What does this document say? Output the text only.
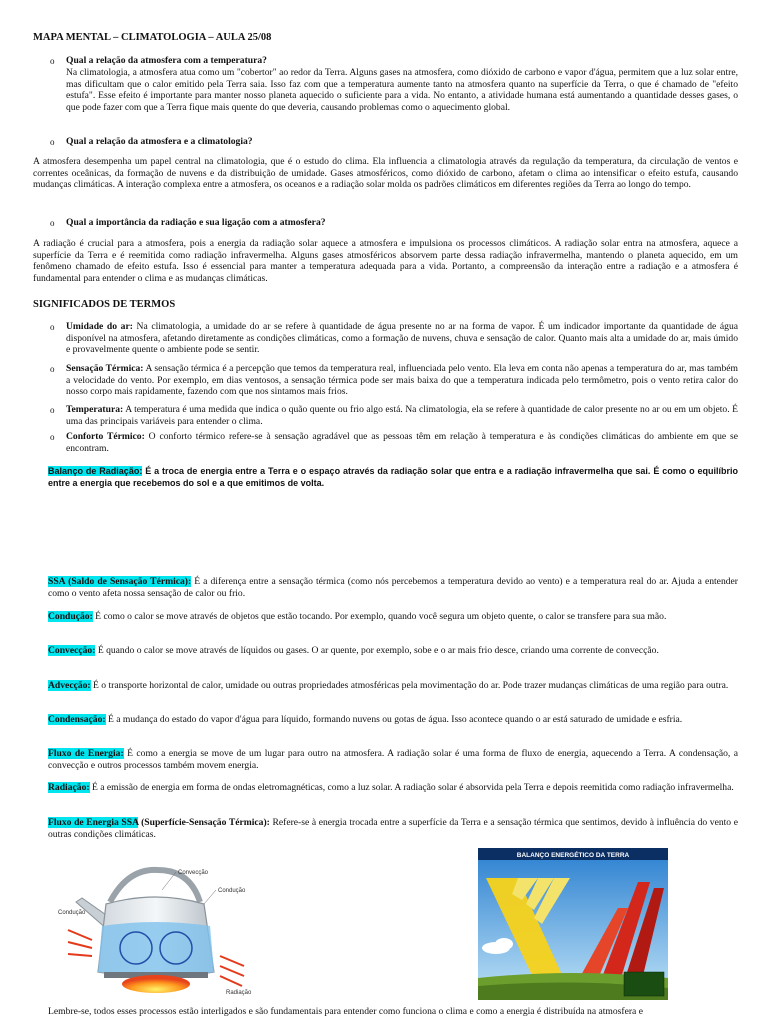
MAPA MENTAL – CLIMATOLOGIA – AULA 25/08
o Qual a relação da atmosfera com a temperatura?
Na climatologia, a atmosfera atua como um "cobertor" ao redor da Terra. Alguns gases na atmosfera, como dióxido de carbono e vapor d'água, permitem que a luz solar entre, mas dificultam que o calor emitido pela Terra saia. Isso faz com que a temperatura aumente tanto na atmosfera quanto na superfície da Terra, o que é chamado de "efeito estufa". Esse efeito é importante para manter nosso planeta aquecido o suficiente para a vida. No entanto, a atividade humana está aumentando a quantidade desses gases, o que pode fazer com que a Terra fique mais quente do que deveria, causando problemas como o aquecimento global.
o Qual a relação da atmosfera e a climatologia?
A atmosfera desempenha um papel central na climatologia, que é o estudo do clima. Ela influencia a climatologia através da regulação da temperatura, da circulação de ventos e correntes oceânicas, da formação de nuvens e da distribuição de umidade. Gases atmosféricos, como dióxido de carbono, afetam o clima ao intensificar o efeito estufa, causando mudanças climáticas. A interação complexa entre a atmosfera, os oceanos e a radiação solar molda os padrões climáticos em diferentes regiões da Terra ao longo do tempo.
o Qual a importância da radiação e sua ligação com a atmosfera?
A radiação é crucial para a atmosfera, pois a energia da radiação solar aquece a atmosfera e impulsiona os processos climáticos. A radiação solar entra na atmosfera, aquece a superfície da Terra e é reemitida como radiação infravermelha. Alguns gases atmosféricos absorvem parte dessa radiação infravermelha, mantendo o planeta aquecido, em um fenômeno chamado de efeito estufa. Isso é essencial para manter a temperatura adequada para a vida. Portanto, a compreensão da interação entre a radiação e a atmosfera é fundamental para entender o clima e as mudanças climáticas.
SIGNIFICADOS DE TERMOS
o Umidade do ar: Na climatologia, a umidade do ar se refere à quantidade de água presente no ar na forma de vapor. É um indicador importante da quantidade de água disponível na atmosfera, afetando diretamente as condições climáticas, como a formação de nuvens, chuva e sensação de calor. Quanto mais alta a umidade do ar, mais úmido e provavelmente quente o ambiente pode se sentir.
o Sensação Térmica: A sensação térmica é a percepção que temos da temperatura real, influenciada pelo vento. Ela leva em conta não apenas a temperatura do ar, mas também a velocidade do vento. Por exemplo, em dias ventosos, a sensação térmica pode ser mais baixa do que a temperatura indicada pelo termômetro, pois o vento retira calor do nosso corpo mais rapidamente, fazendo com que nos sintamos mais frios.
o Temperatura: A temperatura é uma medida que indica o quão quente ou frio algo está. Na climatologia, ela se refere à quantidade de calor presente no ar ou em um objeto. É uma das principais variáveis para entender o clima.
o Conforto Térmico: O conforto térmico refere-se à sensação agradável que as pessoas têm em relação à temperatura e às condições climáticas do ambiente em que se encontram.
Balanço de Radiação: É a troca de energia entre a Terra e o espaço através da radiação solar que entra e a radiação infravermelha que sai. É como o equilíbrio entre a energia que recebemos do sol e a que emitimos de volta.
SSA (Saldo de Sensação Térmica): É a diferença entre a sensação térmica (como nós percebemos a temperatura devido ao vento) e a temperatura real do ar. Ajuda a entender como o vento afeta nossa sensação de calor ou frio.
Condução: É como o calor se move através de objetos que estão tocando. Por exemplo, quando você segura um objeto quente, o calor se transfere para sua mão.
Convecção: É quando o calor se move através de líquidos ou gases. O ar quente, por exemplo, sobe e o ar mais frio desce, criando uma corrente de convecção.
Advecção: É o transporte horizontal de calor, umidade ou outras propriedades atmosféricas pela movimentação do ar. Pode trazer mudanças climáticas de uma região para outra.
Condensação: É a mudança do estado do vapor d'água para líquido, formando nuvens ou gotas de água. Isso acontece quando o ar está saturado de umidade e esfria.
Fluxo de Energia: É como a energia se move de um lugar para outro na atmosfera. A radiação solar é uma forma de fluxo de energia, aquecendo a Terra. A condensação, a convecção e outros processos também movem energia.
Radiação: É a emissão de energia em forma de ondas eletromagnéticas, como a luz solar. A radiação solar é absorvida pela Terra e depois reemitida como radiação infravermelha.
Fluxo de Energia SSA (Superfície-Sensação Térmica): Refere-se à energia trocada entre a superfície da Terra e a sensação térmica que sentimos, devido à influência do vento e outras condições climáticas.
Convecção
Condução
Condução
Radiação
BALANÇO ENERGÉTICO DA TERRA
Lembre-se, todos esses processos estão interligados e são fundamentais para entender como funciona o clima e como a energia é distribuída na atmosfera e
